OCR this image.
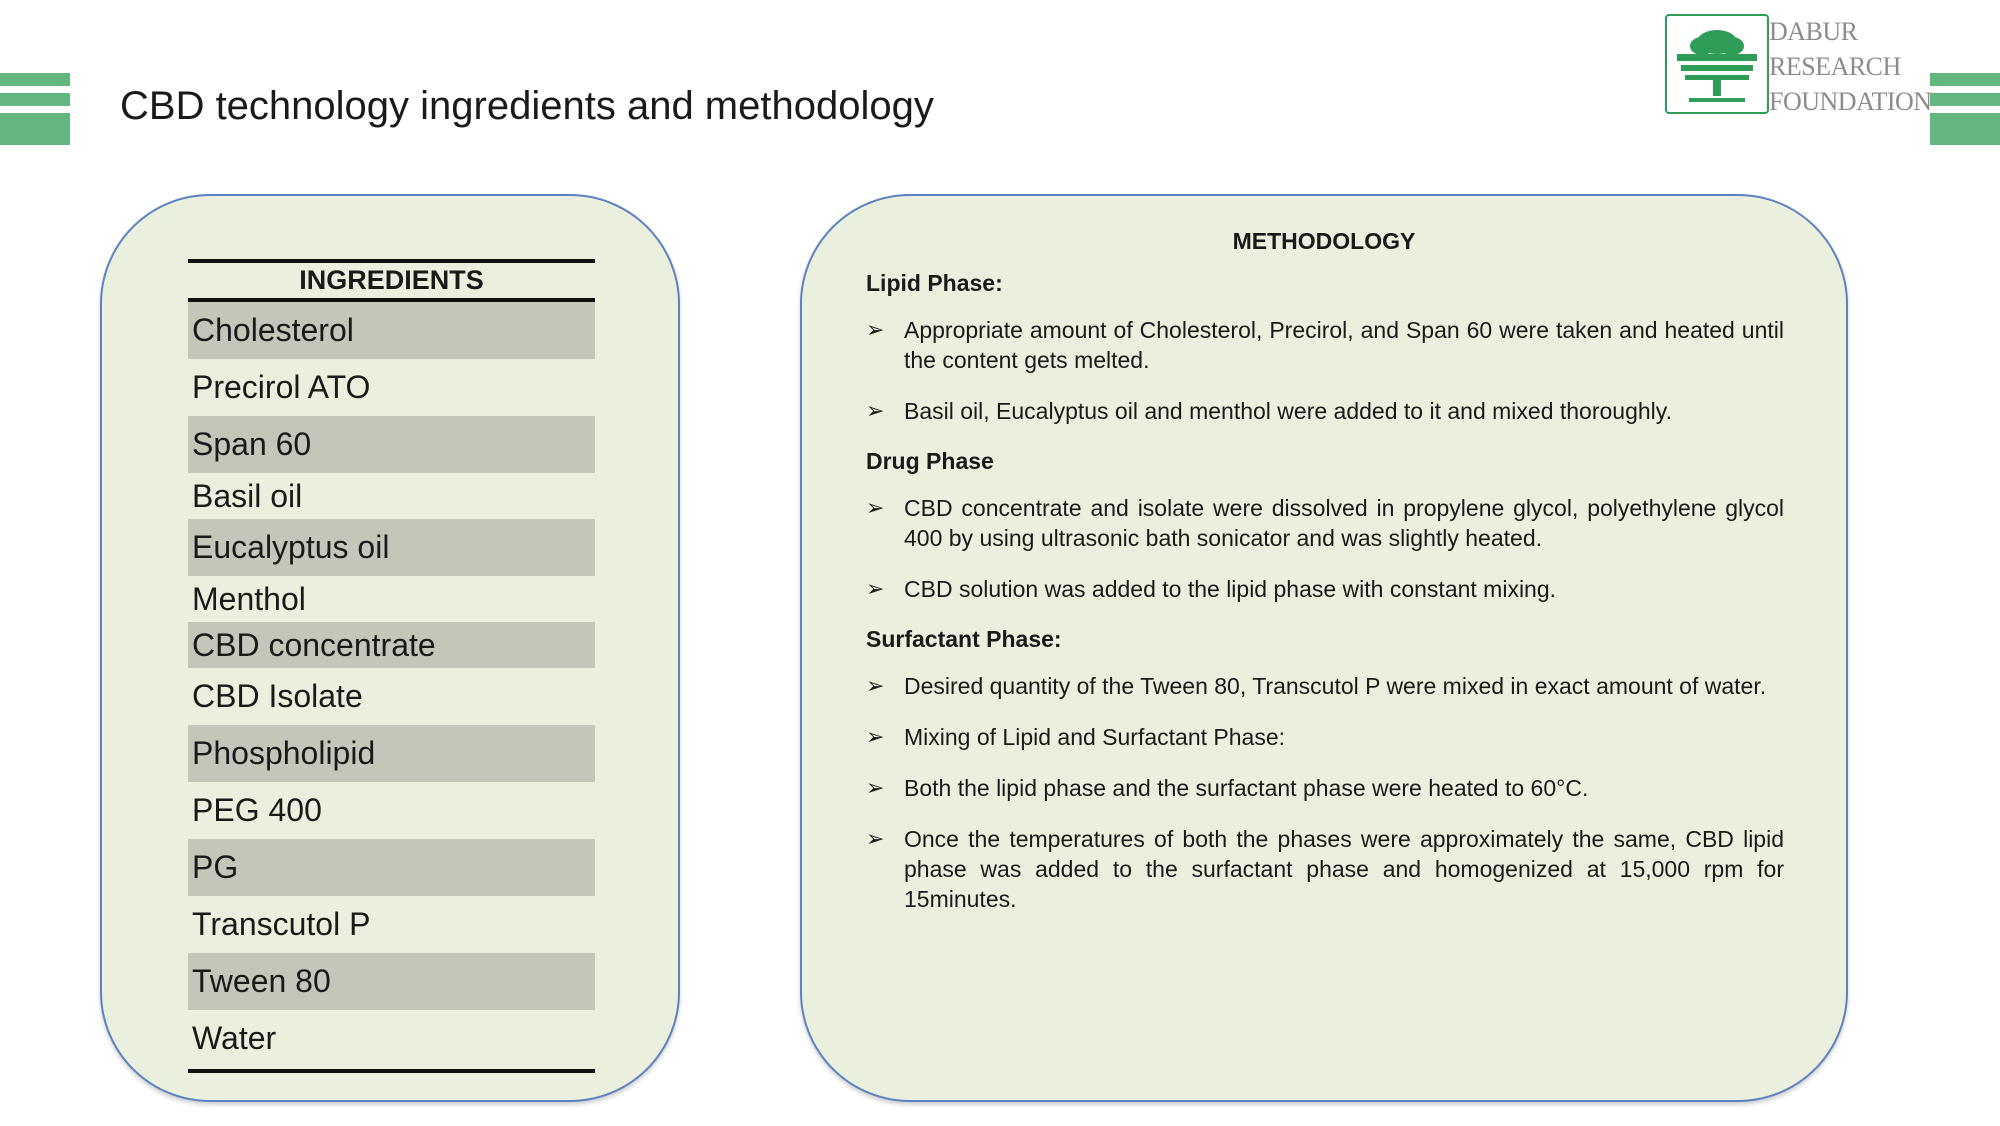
CBD technology ingredients and methodology
DABUR
RESEARCH
FOUNDATION
INGREDIENTS
Cholesterol
Precirol ATO
Span 60
Basil oil
Eucalyptus oil
Menthol
CBD concentrate
CBD Isolate
Phospholipid
PEG 400
PG
Transcutol P
Tween 80
Water
METHODOLOGY
Lipid Phase:
➢ Appropriate amount of Cholesterol, Precirol, and Span 60 were taken and heated until the content gets melted.
➢ Basil oil, Eucalyptus oil and menthol were added to it and mixed thoroughly.
Drug Phase
➢ CBD concentrate and isolate were dissolved in propylene glycol, polyethylene glycol 400 by using ultrasonic bath sonicator and was slightly heated.
➢ CBD solution was added to the lipid phase with constant mixing.
Surfactant Phase:
➢ Desired quantity of the Tween 80, Transcutol P were mixed in exact amount of water.
➢ Mixing of Lipid and Surfactant Phase:
➢ Both the lipid phase and the surfactant phase were heated to 60°C.
➢ Once the temperatures of both the phases were approximately the same, CBD lipid phase was added to the surfactant phase and homogenized at 15,000 rpm for 15minutes.
